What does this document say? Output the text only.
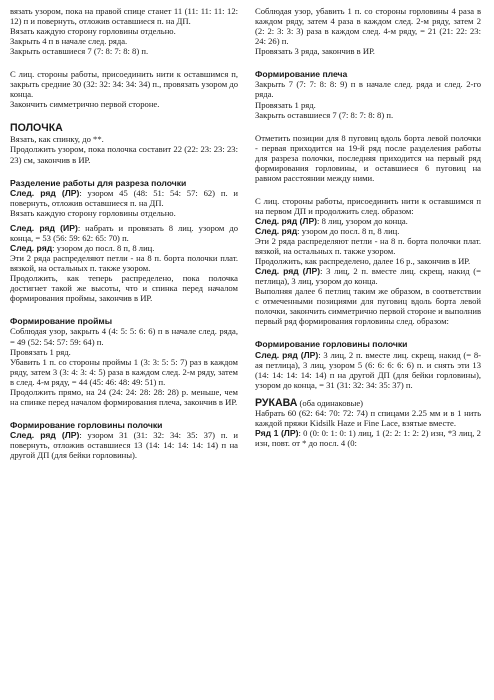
вязать узором, пока на правой спице станет 11 (11: 11: 11: 12: 12) п и повернуть, отложив оставшиеся п. на ДП.

Вязать каждую сторону горловины отдельно.

Закрыть 4 п в начале след. ряда.

Закрыть оставшиеся 7 (7: 8: 7: 8: 8) п.

С лиц. стороны работы, присоединить нити к оставшимся п, закрыть средние 30 (32: 32: 34: 34: 34) п., провязать узором до конца.

Закончить симметрично первой стороне.

ПОЛОЧКА

Вязать, как спинку, до **.

Продолжить узором, пока полочка составит 22 (22: 23: 23: 23: 23) см, закончив в ИР.

Разделение работы для разреза полочки

След. ряд (ЛР): узором 45 (48: 51: 54: 57: 62) п. и повернуть, отложив оставшиеся п. на ДП.

Вязать каждую сторону горловины отдельно.

След. ряд (ИР): набрать и провязать 8 лиц. узором до конца, = 53 (56: 59: 62: 65: 70) п.

След. ряд: узором до посл. 8 п, 8 лиц.

Эти 2 ряда распределяют петли - на 8 п. борта полочки плат. вязкой, на остальных п. также узором.

Продолжить, как теперь распределено, пока полочка достигнет такой же высоты, что и спинка перед началом формирования проймы, закончив в ИР.

Формирование проймы

Соблюдая узор, закрыть 4 (4: 5: 5: 6: 6) п в начале след. ряда, = 49 (52: 54: 57: 59: 64) п.

Провязать 1 ряд.

Убавить 1 п. со стороны проймы 1 (3: 3: 5: 5: 7) раз в каждом ряду, затем 3 (3: 4: 3: 4: 5) раза в каждом след. 2-м ряду, затем в след. 4-м ряду, = 44 (45: 46: 48: 49: 51) п.

Продолжить прямо, на 24 (24: 24: 28: 28: 28) р. меньше, чем на спинке перед началом формирования плеча, закончив в ИР.

Формирование горловины полочки

След. ряд (ЛР): узором 31 (31: 32: 34: 35: 37) п. и повернуть, отложив оставшиеся 13 (14: 14: 14: 14: 14) п на другой ДП (для бейки горловины).

Соблюдая узор, убавить 1 п. со стороны горловины 4 раза в каждом ряду, затем 4 раза в каждом след. 2-м ряду, затем 2 (2: 2: 3: 3: 3) раза в каждом след. 4-м ряду, = 21 (21: 22: 23: 24: 26) п.

Провязать 3 ряда, закончив в ИР.

Формирование плеча

Закрыть 7 (7: 7: 8: 8: 9) п в начале след. ряда и след. 2-го ряда.

Провязать 1 ряд.

Закрыть оставшиеся 7 (7: 8: 7: 8: 8) п.

Отметить позиции для 8 пуговиц вдоль борта левой полочки - первая приходится на 19-й ряд после разделения работы для разреза полочки, последняя приходится на первый ряд формирования горловины, и оставшиеся 6 пуговиц на равном расстоянии между ними.

С лиц. стороны работы, присоединить нити к оставшимся п на первом ДП и продолжить след. образом:

След. ряд (ЛР): 8 лиц, узором до конца.

След. ряд: узором до посл. 8 п, 8 лиц.

Эти 2 ряда распределяют петли - на 8 п. борта полочки плат. вязкой, на остальных п. также узором.

Продолжить, как распределено, далее 16 р., закончив в ИР.

След. ряд (ЛР): 3 лиц, 2 п. вместе лиц. скрещ, накид (= петлица), 3 лиц, узором до конца.

Выполняя далее 6 петлиц таким же образом, в соответствии с отмеченными позициями для пуговиц вдоль борта левой полочки, закончить симметрично первой стороне и выполнив первый ряд формирования горловины след. образом:

Формирование горловины полочки

След. ряд (ЛР): 3 лиц, 2 п. вместе лиц. скрещ, накид (= 8-ая петлица), 3 лиц, узором 5 (6: 6: 6: 6: 6) п. и снять эти 13 (14: 14: 14: 14: 14) п на другой ДП (для бейки горловины), узором до конца, = 31 (31: 32: 34: 35: 37) п.

РУКАВА (оба одинаковые)

Набрать 60 (62: 64: 70: 72: 74) п спицами 2.25 мм и в 1 нить каждой пряжи Kidsilk Haze и Fine Lace, взятые вместе.

Ряд 1 (ЛР): 0 (0: 0: 1: 0: 1) лиц, 1 (2: 2: 1: 2: 2) изн, *3 лиц, 2 изн, повт. от * до посл. 4 (0:
